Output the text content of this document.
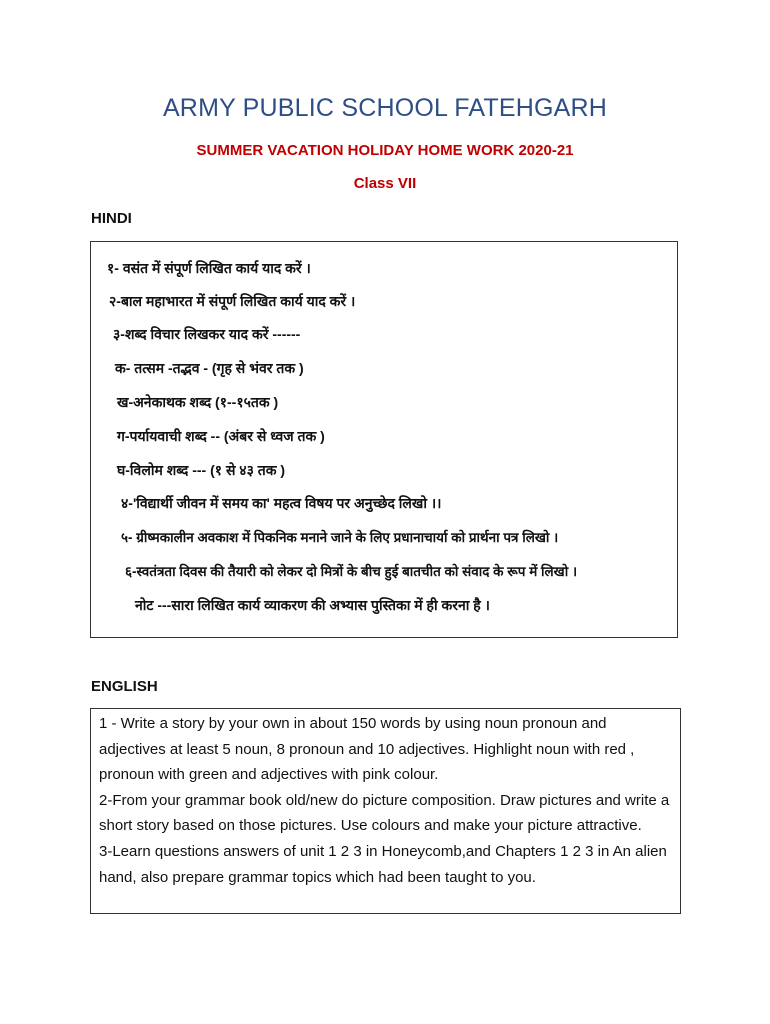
ARMY PUBLIC SCHOOL FATEHGARH
SUMMER VACATION HOLIDAY HOME WORK 2020-21
Class VII
HINDI
१- वसंत में संपूर्ण लिखित कार्य याद करें ।
२-बाल महाभारत में संपूर्ण लिखित कार्य याद करें ।
३-शब्द विचार लिखकर याद करें ------
क- तत्सम -तद्भव - (गृह से भंवर तक )
ख-अनेकाथक शब्द (१--१५तक )
ग-पर्यायवाची शब्द -- (अंबर से ध्वज तक )
घ-विलोम शब्द --- (१ से ४३ तक )
४-'विद्यार्थी जीवन में समय का' महत्व विषय पर अनुच्छेद लिखो ।।
५- ग्रीष्मकालीन अवकाश में पिकनिक मनाने जाने के लिए प्रधानाचार्या को प्रार्थना पत्र लिखो ।
६-स्वतंत्रता दिवस की तैयारी को लेकर दो मित्रों के बीच हुई बातचीत को संवाद के रूप में लिखो ।
नोट ---सारा लिखित कार्य व्याकरण की अभ्यास पुस्तिका में ही करना है ।
ENGLISH

1 - Write a story by your own in about 150 words by using noun pronoun and adjectives at least 5 noun, 8 pronoun and 10 adjectives. Highlight noun with red , pronoun with green and adjectives with pink colour.

2-From your grammar book old/new do picture composition. Draw pictures and write a short story based on those pictures. Use colours and make your picture attractive.

3-Learn questions answers of unit 1 2 3 in Honeycomb,and Chapters 1 2 3 in An alien hand, also prepare grammar topics which had been taught to you.
